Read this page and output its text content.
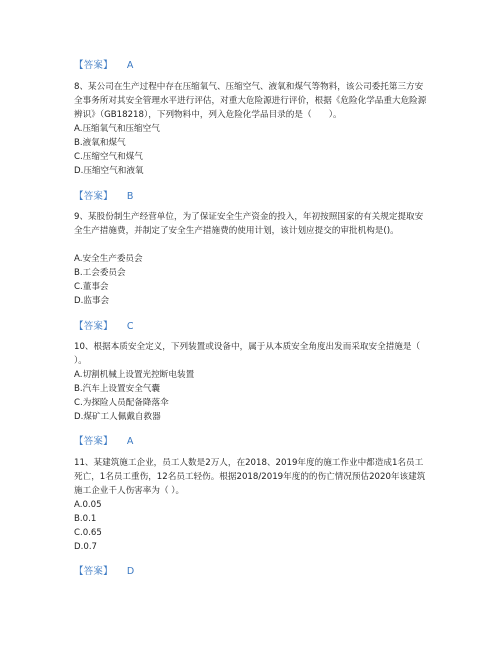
【答案】 A
8、某公司在生产过程中存在压缩氧气、压缩空气、液氧和煤气等物料，该公司委托第三方安全事务所对其安全管理水平进行评估，对重大危险源进行评价，根据《危险化学品重大危险源辨识》（GB18218），下列物料中，列入危险化学品目录的是（　　）。
A.压缩氧气和压缩空气
B.液氧和煤气
C.压缩空气和煤气
D.压缩空气和液氧
【答案】 B
9、某股份制生产经营单位，为了保证安全生产资金的投入，年初按照国家的有关规定提取安全生产措施费，并制定了安全生产措施费的使用计划，该计划应提交的审批机构是()。
A.安全生产委员会
B.工会委员会
C.董事会
D.监事会
【答案】 C
10、根据本质安全定义，下列装置或设备中，属于从本质安全角度出发而采取安全措施是（ ）。
A.切割机械上设置光控断电装置
B.汽车上设置安全气囊
C.为探险人员配备降落伞
D.煤矿工人佩戴自救器
【答案】 A
11、某建筑施工企业，员工人数是2万人，在2018、2019年度的施工作业中都造成1名员工死亡，1名员工重伤，12名员工轻伤。根据2018/2019年度的的伤亡情况预估2020年该建筑施工企业千人伤害率为（ ）。
A.0.05
B.0.1
C.0.65
D.0.7
【答案】 D
